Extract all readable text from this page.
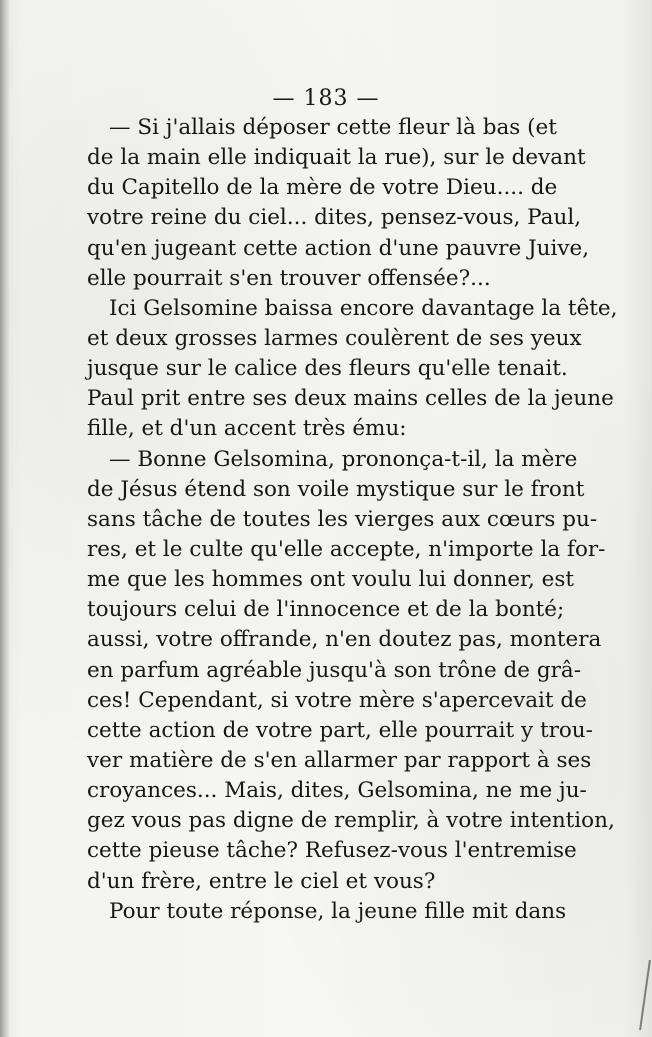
— 183 —
— Si j'allais déposer cette fleur là bas (et
de la main elle indiquait la rue), sur le devant
du Capitello de la mère de votre Dieu.... de
votre reine du ciel... dites, pensez-vous, Paul,
qu'en jugeant cette action d'une pauvre Juive,
elle pourrait s'en trouver offensée?...
Ici Gelsomine baissa encore davantage la tête,
et deux grosses larmes coulèrent de ses yeux
jusque sur le calice des fleurs qu'elle tenait.
Paul prit entre ses deux mains celles de la jeune
fille, et d'un accent très ému:
— Bonne Gelsomina, prononça-t-il, la mère
de Jésus étend son voile mystique sur le front
sans tâche de toutes les vierges aux cœurs pu-
res, et le culte qu'elle accepte, n'importe la for-
me que les hommes ont voulu lui donner, est
toujours celui de l'innocence et de la bonté;
aussi, votre offrande, n'en doutez pas, montera
en parfum agréable jusqu'à son trône de grâ-
ces! Cependant, si votre mère s'apercevait de
cette action de votre part, elle pourrait y trou-
ver matière de s'en allarmer par rapport à ses
croyances... Mais, dites, Gelsomina, ne me ju-
gez vous pas digne de remplir, à votre intention,
cette pieuse tâche? Refusez-vous l'entremise
d'un frère, entre le ciel et vous?
Pour toute réponse, la jeune fille mit dans
